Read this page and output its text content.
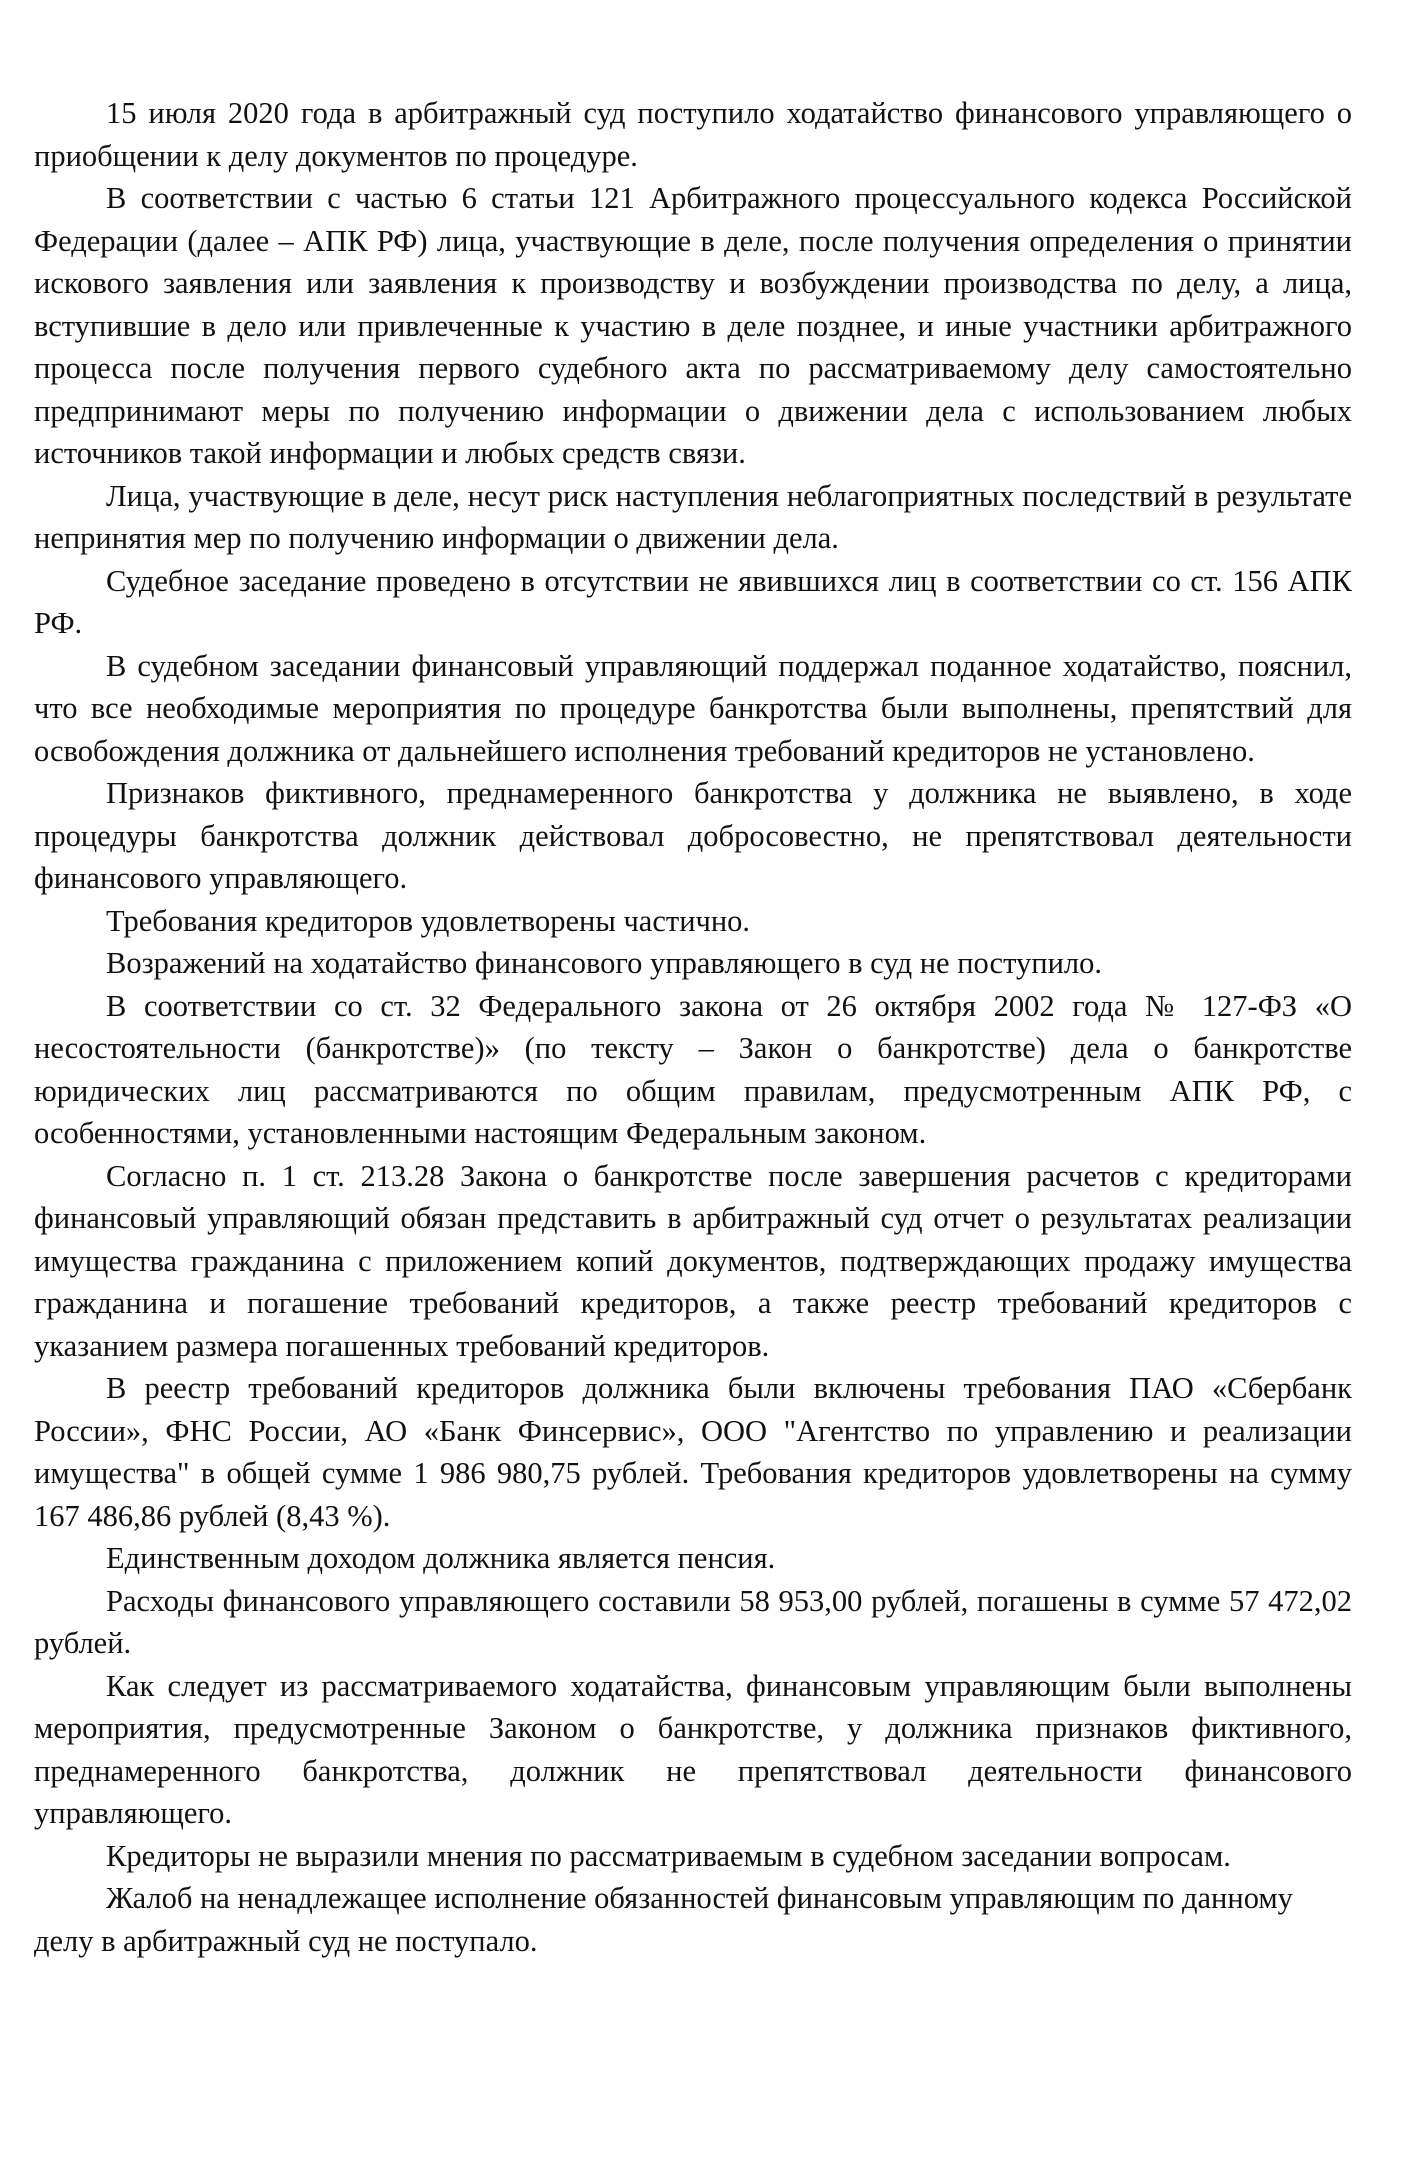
15 июля 2020 года в арбитражный суд поступило ходатайство финансового управляющего о приобщении к делу документов по процедуре.

В соответствии с частью 6 статьи 121 Арбитражного процессуального кодекса Российской Федерации (далее – АПК РФ) лица, участвующие в деле, после получения определения о принятии искового заявления или заявления к производству и возбуждении производства по делу, а лица, вступившие в дело или привлеченные к участию в деле позднее, и иные участники арбитражного процесса после получения первого судебного акта по рассматриваемому делу самостоятельно предпринимают меры по получению информации о движении дела с использованием любых источников такой информации и любых средств связи.

Лица, участвующие в деле, несут риск наступления неблагоприятных последствий в результате непринятия мер по получению информации о движении дела.

Судебное заседание проведено в отсутствии не явившихся лиц в соответствии со ст. 156 АПК РФ.

В судебном заседании финансовый управляющий поддержал поданное ходатайство, пояснил, что все необходимые мероприятия по процедуре банкротства были выполнены, препятствий для освобождения должника от дальнейшего исполнения требований кредиторов не установлено.

Признаков фиктивного, преднамеренного банкротства у должника не выявлено, в ходе процедуры банкротства должник действовал добросовестно, не препятствовал деятельности финансового управляющего.

Требования кредиторов удовлетворены частично.

Возражений на ходатайство финансового управляющего в суд не поступило.

В соответствии со ст. 32 Федерального закона от 26 октября 2002 года № 127-ФЗ «О несостоятельности (банкротстве)» (по тексту – Закон о банкротстве) дела о банкротстве юридических лиц рассматриваются по общим правилам, предусмотренным АПК РФ, с особенностями, установленными настоящим Федеральным законом.

Согласно п. 1 ст. 213.28 Закона о банкротстве после завершения расчетов с кредиторами финансовый управляющий обязан представить в арбитражный суд отчет о результатах реализации имущества гражданина с приложением копий документов, подтверждающих продажу имущества гражданина и погашение требований кредиторов, а также реестр требований кредиторов с указанием размера погашенных требований кредиторов.

В реестр требований кредиторов должника были включены требования ПАО «Сбербанк России», ФНС России, АО «Банк Финсервис», ООО "Агентство по управлению и реализации имущества" в общей сумме 1 986 980,75 рублей. Требования кредиторов удовлетворены на сумму 167 486,86 рублей (8,43 %).

Единственным доходом должника является пенсия.

Расходы финансового управляющего составили 58 953,00 рублей, погашены в сумме 57 472,02 рублей.

Как следует из рассматриваемого ходатайства, финансовым управляющим были выполнены мероприятия, предусмотренные Законом о банкротстве, у должника признаков фиктивного, преднамеренного банкротства, должник не препятствовал деятельности финансового управляющего.

Кредиторы не выразили мнения по рассматриваемым в судебном заседании вопросам.

Жалоб на ненадлежащее исполнение обязанностей финансовым управляющим по данному делу в арбитражный суд не поступало.
